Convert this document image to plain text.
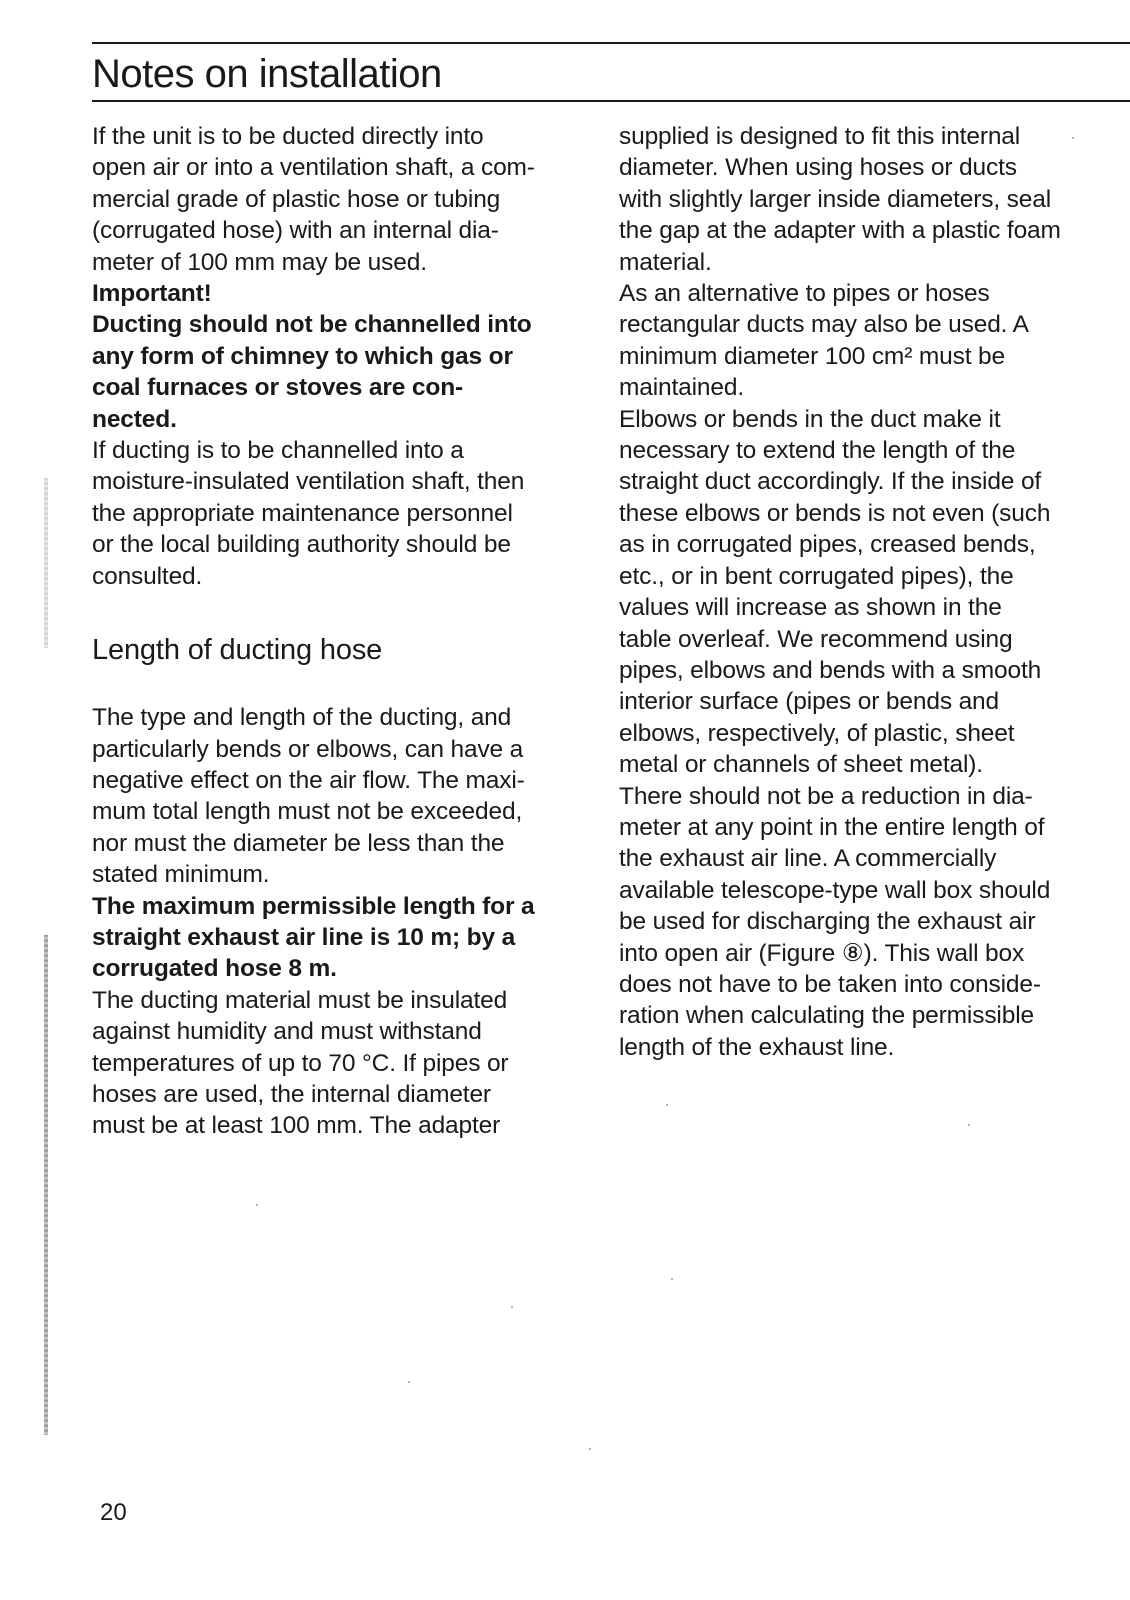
Notes on installation

If the unit is to be ducted directly into
open air or into a ventilation shaft, a com-
mercial grade of plastic hose or tubing
(corrugated hose) with an internal dia-
meter of 100 mm may be used.

Important!

Ducting should not be channelled into
any form of chimney to which gas or
coal furnaces or stoves are con-
nected.

If ducting is to be channelled into a
moisture-insulated ventilation shaft, then
the appropriate maintenance personnel
or the local building authority should be
consulted.

Length of ducting hose

The type and length of the ducting, and
particularly bends or elbows, can have a
negative effect on the air flow. The maxi-
mum total length must not be exceeded,
nor must the diameter be less than the
stated minimum.

The maximum permissible length for a
straight exhaust air line is 10 m; by a
corrugated hose 8 m.

The ducting material must be insulated
against humidity and must withstand
temperatures of up to 70 °C. If pipes or
hoses are used, the internal diameter
must be at least 100 mm. The adapter

supplied is designed to fit this internal
diameter. When using hoses or ducts
with slightly larger inside diameters, seal
the gap at the adapter with a plastic foam
material.

As an alternative to pipes or hoses
rectangular ducts may also be used. A
minimum diameter 100 cm² must be
maintained.

Elbows or bends in the duct make it
necessary to extend the length of the
straight duct accordingly. If the inside of
these elbows or bends is not even (such
as in corrugated pipes, creased bends,
etc., or in bent corrugated pipes), the
values will increase as shown in the
table overleaf. We recommend using
pipes, elbows and bends with a smooth
interior surface (pipes or bends and
elbows, respectively, of plastic, sheet
metal or channels of sheet metal).

There should not be a reduction in dia-
meter at any point in the entire length of
the exhaust air line. A commercially
available telescope-type wall box should
be used for discharging the exhaust air
into open air (Figure ⑧). This wall box
does not have to be taken into conside-
ration when calculating the permissible
length of the exhaust line.

20
